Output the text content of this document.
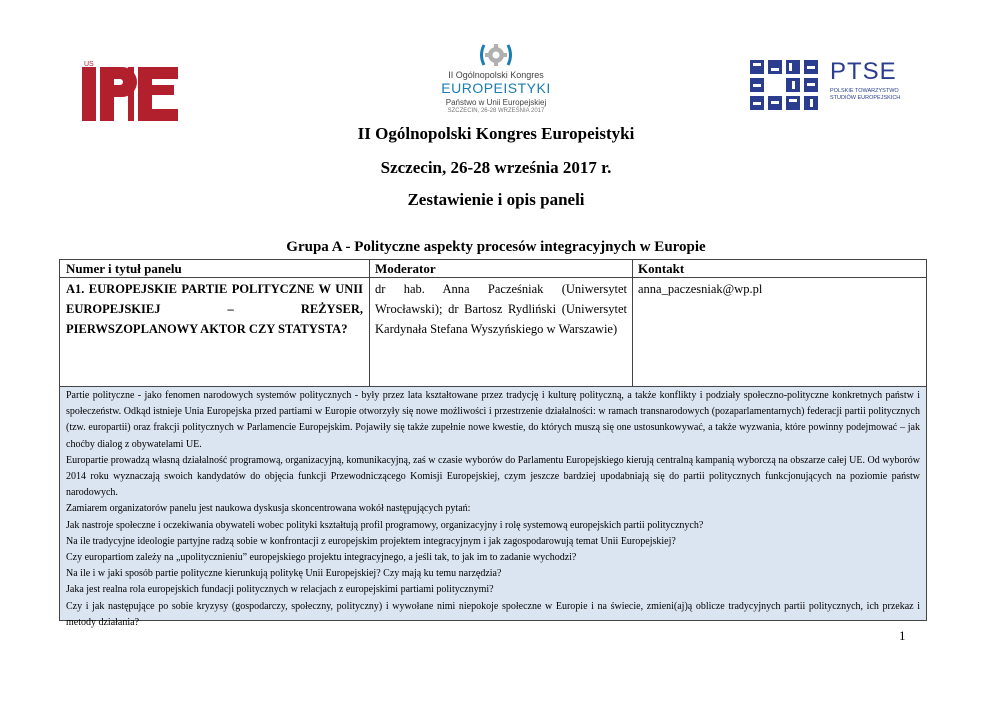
US
II Ogólnopolski Kongres
EUROPEISTYKI
Państwo w Unii Europejskiej
SZCZECIN, 26-28 WRZEŚNIA 2017
PTSE
POLSKIE TOWARZYSTWO STUDIÓW EUROPEJSKICH
II Ogólnopolski Kongres Europeistyki
Szczecin, 26-28 września 2017 r.
Zestawienie i opis paneli
Grupa A - Polityczne aspekty procesów integracyjnych w Europie
Numer i tytuł panelu	Moderator	Kontakt
A1. EUROPEJSKIE PARTIE POLITYCZNE W UNII EUROPEJSKIEJ – REŻYSER, PIERWSZOPLANOWY AKTOR CZY STATYSTA?
dr hab. Anna Pacześniak (Uniwersytet Wrocławski); dr Bartosz Rydliński (Uniwersytet Kardynała Stefana Wyszyńskiego w Warszawie)
anna_paczesniak@wp.pl

Partie polityczne - jako fenomen narodowych systemów politycznych - były przez lata kształtowane przez tradycję i kulturę polityczną, a także konflikty i podziały społeczno-polityczne konkretnych państw i społeczeństw. Odkąd istnieje Unia Europejska przed partiami w Europie otworzyły się nowe możliwości i przestrzenie działalności: w ramach transnarodowych (pozaparlamentarnych) federacji partii politycznych (tzw. europartii) oraz frakcji politycznych w Parlamencie Europejskim. Pojawiły się także zupełnie nowe kwestie, do których muszą się one ustosunkowywać, a także wyzwania, które powinny podejmować – jak choćby dialog z obywatelami UE.

Europartie prowadzą własną działalność programową, organizacyjną, komunikacyjną, zaś w czasie wyborów do Parlamentu Europejskiego kierują centralną kampanią wyborczą na obszarze całej UE. Od wyborów 2014 roku wyznaczają swoich kandydatów do objęcia funkcji Przewodniczącego Komisji Europejskiej, czym jeszcze bardziej upodabniają się do partii politycznych funkcjonujących na poziomie państw narodowych.

Zamiarem organizatorów panelu jest naukowa dyskusja skoncentrowana wokół następujących pytań:

Jak nastroje społeczne i oczekiwania obywateli wobec polityki kształtują profil programowy, organizacyjny i rolę systemową europejskich partii politycznych?

Na ile tradycyjne ideologie partyjne radzą sobie w konfrontacji z europejskim projektem integracyjnym i jak zagospodarowują temat Unii Europejskiej?

Czy europartiom zależy na „upolitycznieniu” europejskiego projektu integracyjnego, a jeśli tak, to jak im to zadanie wychodzi?

Na ile i w jaki sposób partie polityczne kierunkują politykę Unii Europejskiej? Czy mają ku temu narzędzia?

Jaka jest realna rola europejskich fundacji politycznych w relacjach z europejskimi partiami politycznymi?

Czy i jak następujące po sobie kryzysy (gospodarczy, społeczny, polityczny) i wywołane nimi niepokoje społeczne w Europie i na świecie, zmieni(aj)ą oblicze tradycyjnych partii politycznych, ich przekaz i metody działania?

1
